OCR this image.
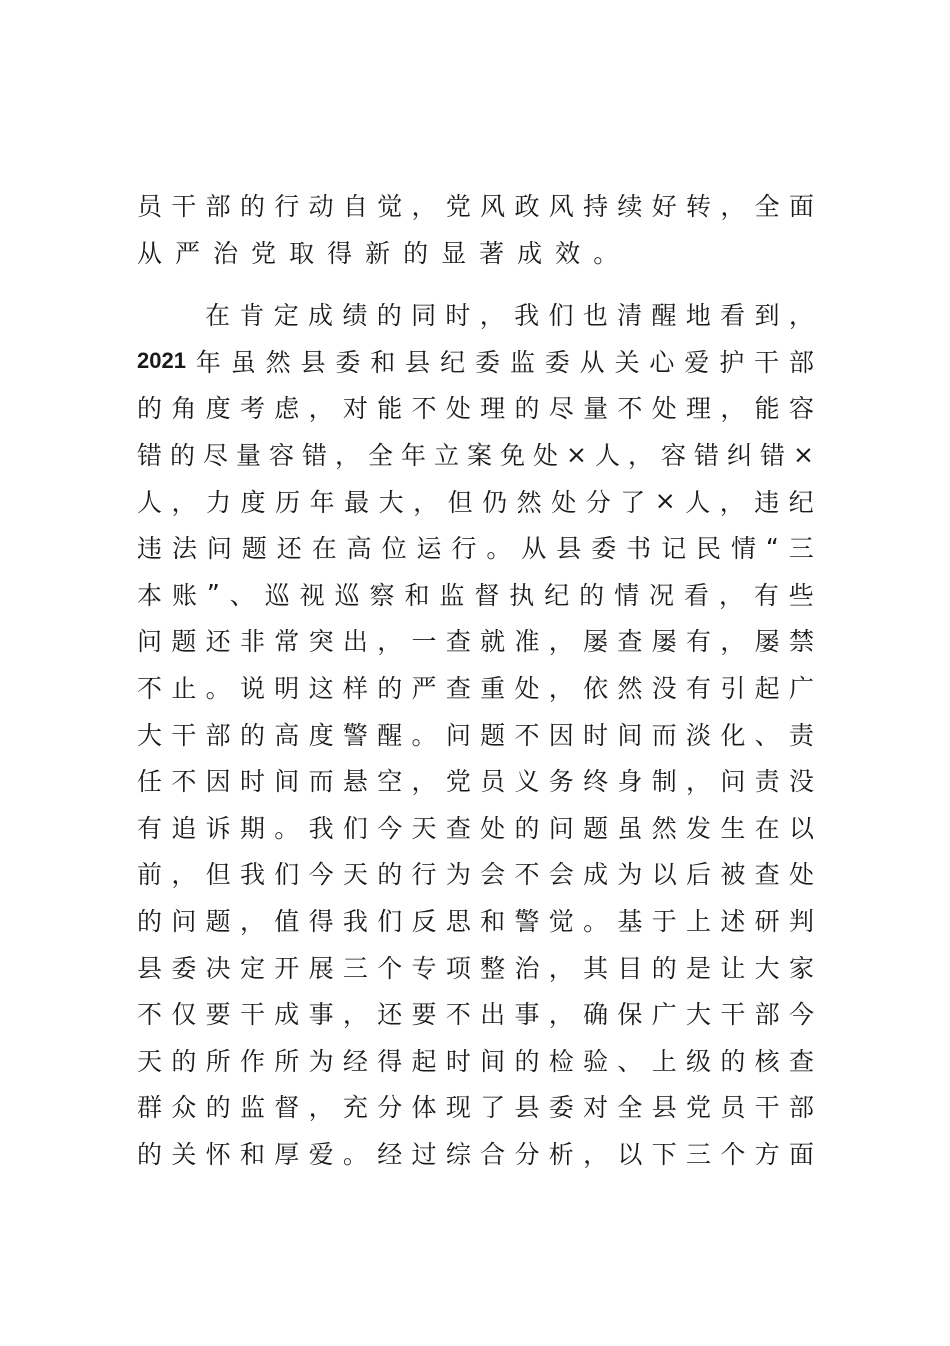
员 干 部 的 行 动 自 觉 ， 党 风 政 风 持 续 好 转 ， 全 面
从 严 治 党 取 得 新 的 显 著 成 效 。
在 肯 定 成 绩 的 同 时 ， 我 们 也 清 醒 地 看 到 ，
2021 年 虽 然 县 委 和 县 纪 委 监 委 从 关 心 爱 护 干 部
的 角 度 考 虑 ， 对 能 不 处 理 的 尽 量 不 处 理 ， 能 容
错 的 尽 量 容 错 ， 全 年 立 案 免 处 × 人 ， 容 错 纠 错 ×
人 ， 力 度 历 年 最 大 ， 但 仍 然 处 分 了 × 人 ， 违 纪
违 法 问 题 还 在 高 位 运 行 。 从 县 委 书 记 民 情 “ 三
本 账 ” 、 巡 视 巡 察 和 监 督 执 纪 的 情 况 看 ， 有 些
问 题 还 非 常 突 出 ， 一 查 就 准 ， 屡 查 屡 有 ， 屡 禁
不 止 。 说 明 这 样 的 严 查 重 处 ， 依 然 没 有 引 起 广
大 干 部 的 高 度 警 醒 。 问 题 不 因 时 间 而 淡 化 、 责
任 不 因 时 间 而 悬 空 ， 党 员 义 务 终 身 制 ， 问 责 没
有 追 诉 期 。 我 们 今 天 查 处 的 问 题 虽 然 发 生 在 以
前 ， 但 我 们 今 天 的 行 为 会 不 会 成 为 以 后 被 查 处
的 问 题 ， 值 得 我 们 反 思 和 警 觉 。 基 于 上 述 研 判
县 委 决 定 开 展 三 个 专 项 整 治 ， 其 目 的 是 让 大 家
不 仅 要 干 成 事 ， 还 要 不 出 事 ， 确 保 广 大 干 部 今
天 的 所 作 所 为 经 得 起 时 间 的 检 验 、 上 级 的 核 查
群 众 的 监 督 ， 充 分 体 现 了 县 委 对 全 县 党 员 干 部
的 关 怀 和 厚 爱 。 经 过 综 合 分 析 ， 以 下 三 个 方 面
